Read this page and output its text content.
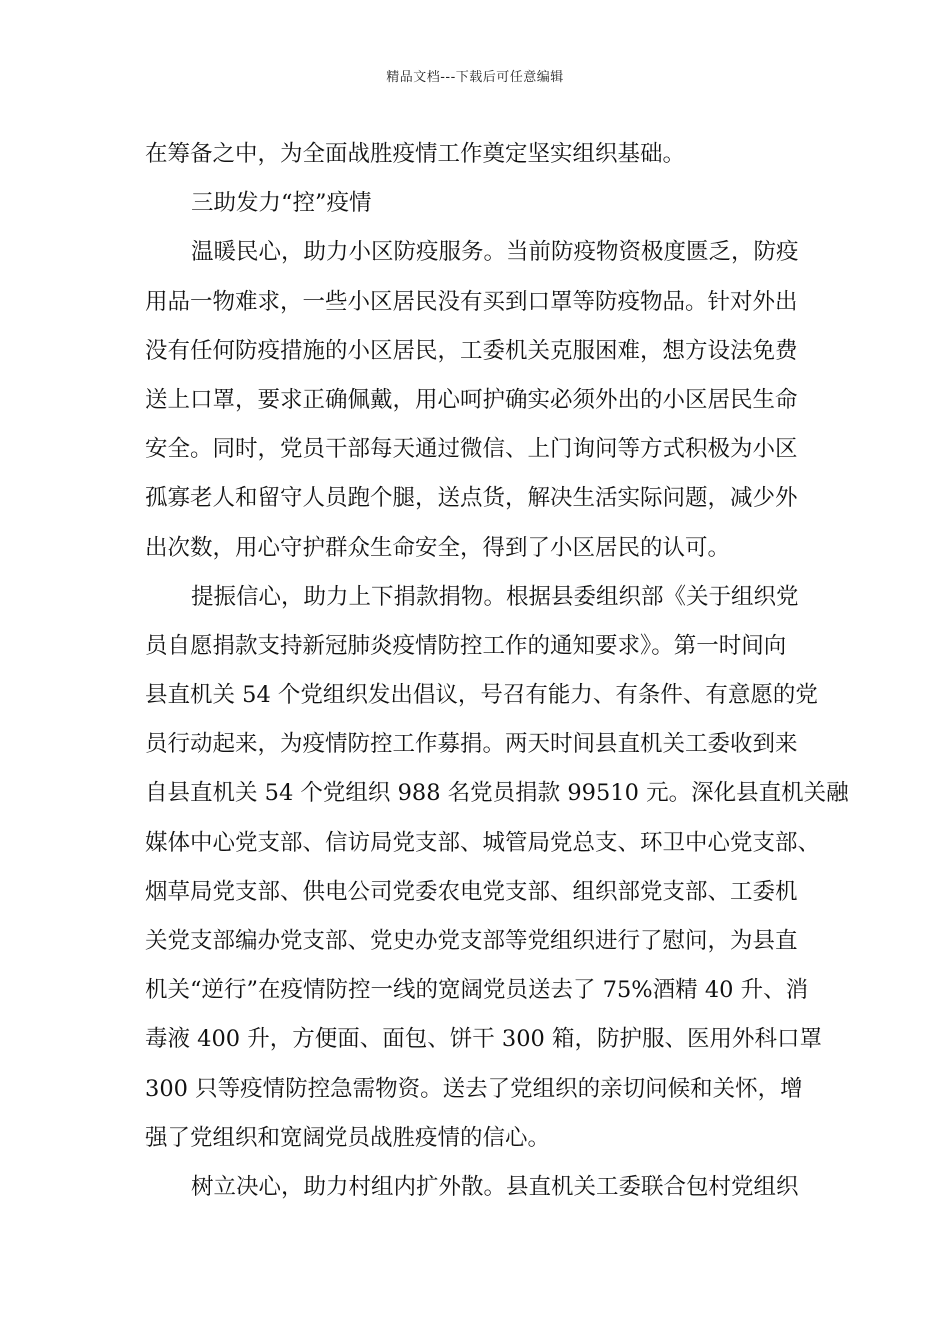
精品文档---下载后可任意编辑
在筹备之中，为全面战胜疫情工作奠定坚实组织基础。
三助发力“控”疫情
温暖民心，助力小区防疫服务。当前防疫物资极度匮乏，防疫
用品一物难求，一些小区居民没有买到口罩等防疫物品。针对外出
没有任何防疫措施的小区居民，工委机关克服困难，想方设法免费
送上口罩，要求正确佩戴，用心呵护确实必须外出的小区居民生命
安全。同时，党员干部每天通过微信、上门询问等方式积极为小区
孤寡老人和留守人员跑个腿，送点货，解决生活实际问题，减少外
出次数，用心守护群众生命安全，得到了小区居民的认可。
提振信心，助力上下捐款捐物。根据县委组织部《关于组织党
员自愿捐款支持新冠肺炎疫情防控工作的通知要求》。第一时间向
县直机关 54 个党组织发出倡议，号召有能力、有条件、有意愿的党
员行动起来，为疫情防控工作募捐。两天时间县直机关工委收到来
自县直机关 54 个党组织 988 名党员捐款 99510 元。深化县直机关融
媒体中心党支部、信访局党支部、城管局党总支、环卫中心党支部、
烟草局党支部、供电公司党委农电党支部、组织部党支部、工委机
关党支部编办党支部、党史办党支部等党组织进行了慰问，为县直
机关“逆行”在疫情防控一线的宽阔党员送去了 75%酒精 40 升、消
毒液 400 升，方便面、面包、饼干 300 箱，防护服、医用外科口罩
300 只等疫情防控急需物资。送去了党组织的亲切问候和关怀，增
强了党组织和宽阔党员战胜疫情的信心。
树立决心，助力村组内扩外散。县直机关工委联合包村党组织
